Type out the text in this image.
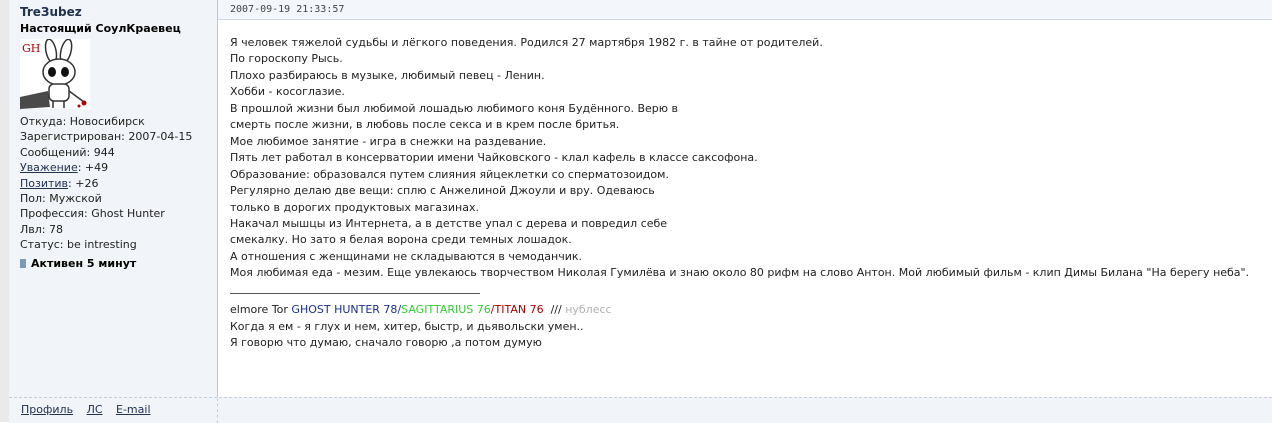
TreЗubez
Настоящий СоулКраевец
GH
Откуда: Новосибирск
Зарегистрирован: 2007-04-15
Сообщений: 944
Уважение: +49
Позитив: +26
Пол: Мужской
Профессия: Ghost Hunter
Лвл: 78
Статус: be intresting
Активен 5 минут
2007-09-19 21:33:57
Я человек тяжелой судьбы и лёгкого поведения. Родился 27 мартября 1982 г. в тайне от родителей.
По гороскопу Рысь.
Плохо разбираюсь в музыке, любимый певец - Ленин.
Хобби - косоглазие.
В прошлой жизни был любимой лошадью любимого коня Будённого. Верю в
смерть после жизни, в любовь после секса и в крем после бритья.
Мое любимое занятие - игра в снежки на раздевание.
Пять лет работал в консерватории имени Чайковского - клал кафель в классе саксофона.
Образование: образовался путем слияния яйцеклетки со сперматозоидом.
Регулярно делаю две вещи: сплю с Анжелиной Джоули и вру. Одеваюсь
только в дорогих продуктовых магазинах.
Накачал мышцы из Интернета, а в детстве упал с дерева и повредил себе
смекалку. Но зато я белая ворона среди темных лошадок.
А отношения с женщинами не складываются в чемоданчик.
Моя любимая еда - мезим. Еще увлекаюсь творчеством Николая Гумилёва и знаю около 80 рифм на слово Антон. Мой любимый фильм - клип Димы Билана "На берегу неба".
elmore Tor GHOST HUNTER 78/SAGITTARIUS 76/TITAN 76  /// нублесс
Когда я ем - я глух и нем, хитер, быстр, и дьявольски умен..
Я говорю что думаю, сначало говорю ,а потом думую
Профиль ЛС E-mail
